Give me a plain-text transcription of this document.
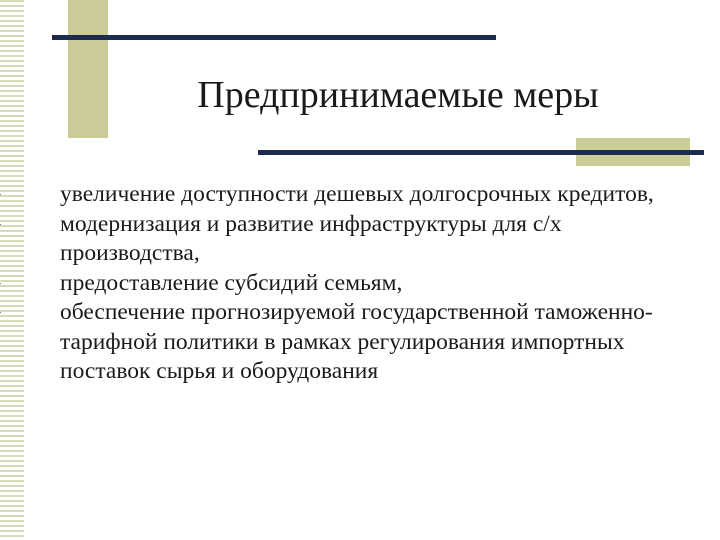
Предпринимаемые меры
увеличение доступности дешевых долгосрочных кредитов,
модернизация и развитие инфраструктуры для с/х производства,
предоставление субсидий семьям,
обеспечение прогнозируемой государственной таможенно-тарифной политики в рамках регулирования импортных поставок сырья и оборудования
